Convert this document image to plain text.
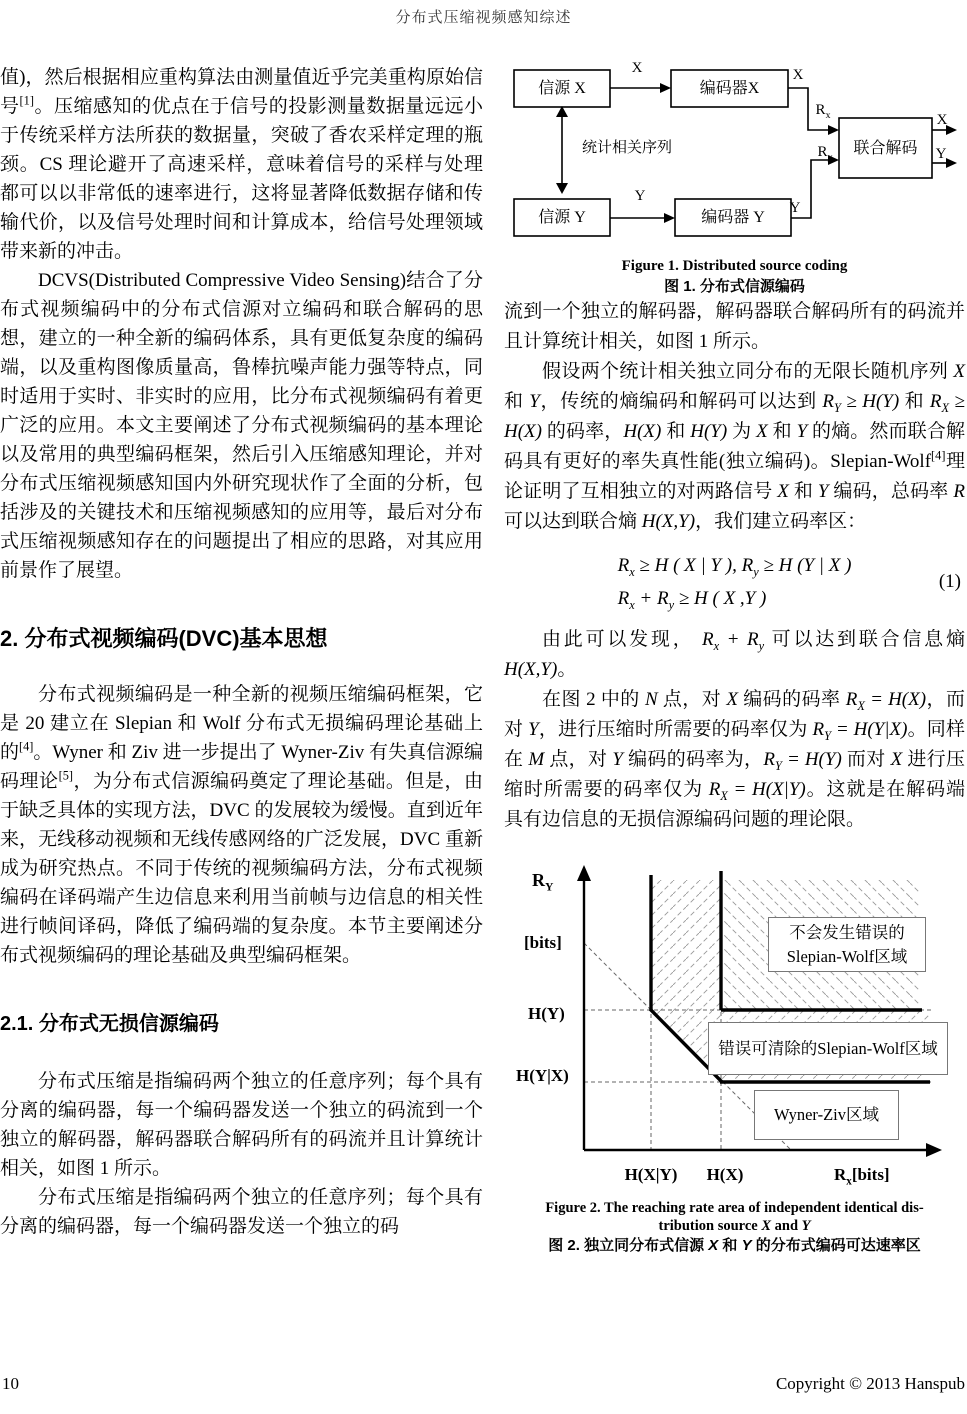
分布式压缩视频感知综述

值)，然后根据相应重构算法由测量值近乎完美重构原始信号[1]。压缩感知的优点在于信号的投影测量数据量远远小于传统采样方法所获的数据量，突破了香农采样定理的瓶颈。CS 理论避开了高速采样，意味着信号的采样与处理都可以以非常低的速率进行，这将显著降低数据存储和传输代价，以及信号处理时间和计算成本，给信号处理领域带来新的冲击。

DCVS(Distributed Compressive Video Sensing)结合了分布式视频编码中的分布式信源对立编码和联合解码的思想，建立的一种全新的编码体系，具有更低复杂度的编码端，以及重构图像质量高，鲁棒抗噪声能力强等特点，同时适用于实时、非实时的应用，比分布式视频编码有着更广泛的应用。本文主要阐述了分布式视频编码的基本理论以及常用的典型编码框架，然后引入压缩感知理论，并对分布式压缩视频感知国内外研究现状作了全面的分析，包括涉及的关键技术和压缩视频感知的应用等，最后对分布式压缩视频感知存在的问题提出了相应的思路，对其应用前景作了展望。

2. 分布式视频编码(DVC)基本思想

分布式视频编码是一种全新的视频压缩编码框架，它是 20 建立在 Slepian 和 Wolf 分布式无损编码理论基础上的[4]。Wyner 和 Ziv 进一步提出了 Wyner-Ziv 有失真信源编码理论[5]，为分布式信源编码奠定了理论基础。但是，由于缺乏具体的实现方法，DVC 的发展较为缓慢。直到近年来，无线移动视频和无线传感网络的广泛发展，DVC 重新成为研究热点。不同于传统的视频编码方法，分布式视频编码在译码端产生边信息来利用当前帧与边信息的相关性进行帧间译码，降低了编码端的复杂度。本节主要阐述分布式视频编码的理论基础及典型编码框架。

2.1. 分布式无损信源编码

分布式压缩是指编码两个独立的任意序列；每个具有分离的编码器，每一个编码器发送一个独立的码流到一个独立的解码器，解码器联合解码所有的码流并且计算统计相关，如图 1 所示。

分布式压缩是指编码两个独立的任意序列；每个具有分离的编码器，每一个编码器发送一个独立的码

信源 X	编码器X
联合解码
信源 Y	编码器 Y
统计相关序列
X	X
$R_x$
$R_y$
Y
Y
X
Y
Figure 1. Distributed source coding
图 1. 分布式信源编码

流到一个独立的解码器，解码器联合解码所有的码流并且计算统计相关，如图 1 所示。

假设两个统计相关独立同分布的无限长随机序列 X 和 Y，传统的熵编码和解码可以达到 $R_Y \ge H(Y)$ 和 $R_X \ge H(X)$ 的码率，H(X) 和 H(Y) 为 X 和 Y 的熵。然而联合解码具有更好的率失真性能(独立编码)。Slepian-Wolf[4]理论证明了互相独立的对两路信号 X 和 Y 编码，总码率 R 可以达到联合熵 H(X,Y)，我们建立码率区：

$R_x \ge H$ ( X | Y ), $R_y \ge H$ (Y | X )
$R_x + R_y \ge H$ ( X ,Y )
(1)

由此可以发现， $R_x + R_y$ 可以达到联合信息熵 H(X,Y)。

在图 2 中的 N 点，对 X 编码的码率 $R_X = H(X)$，而对 Y，进行压缩时所需要的码率仅为 $R_Y = H(Y|X)$。同样在 M 点，对 Y 编码的码率为，$R_Y = H(Y)$ 而对 X 进行压缩时所需要的码率仅为 $R_X = H(X|Y)$。这就是在解码端具有边信息的无损信源编码问题的理论限。

$R_Y$
[bits]
H(Y)
H(Y|X)
H(X|Y)	H(X)	$R_x[bits]$
不会发生错误的
Slepian-Wolf区域
错误可清除的Slepian-Wolf区域
Wyner-Ziv区域
Figure 2. The reaching rate area of independent identical dis-
tribution source X and Y
图 2. 独立同分布式信源 X 和 Y 的分布式编码可达速率区
10	Copyright © 2013 Hanspub
